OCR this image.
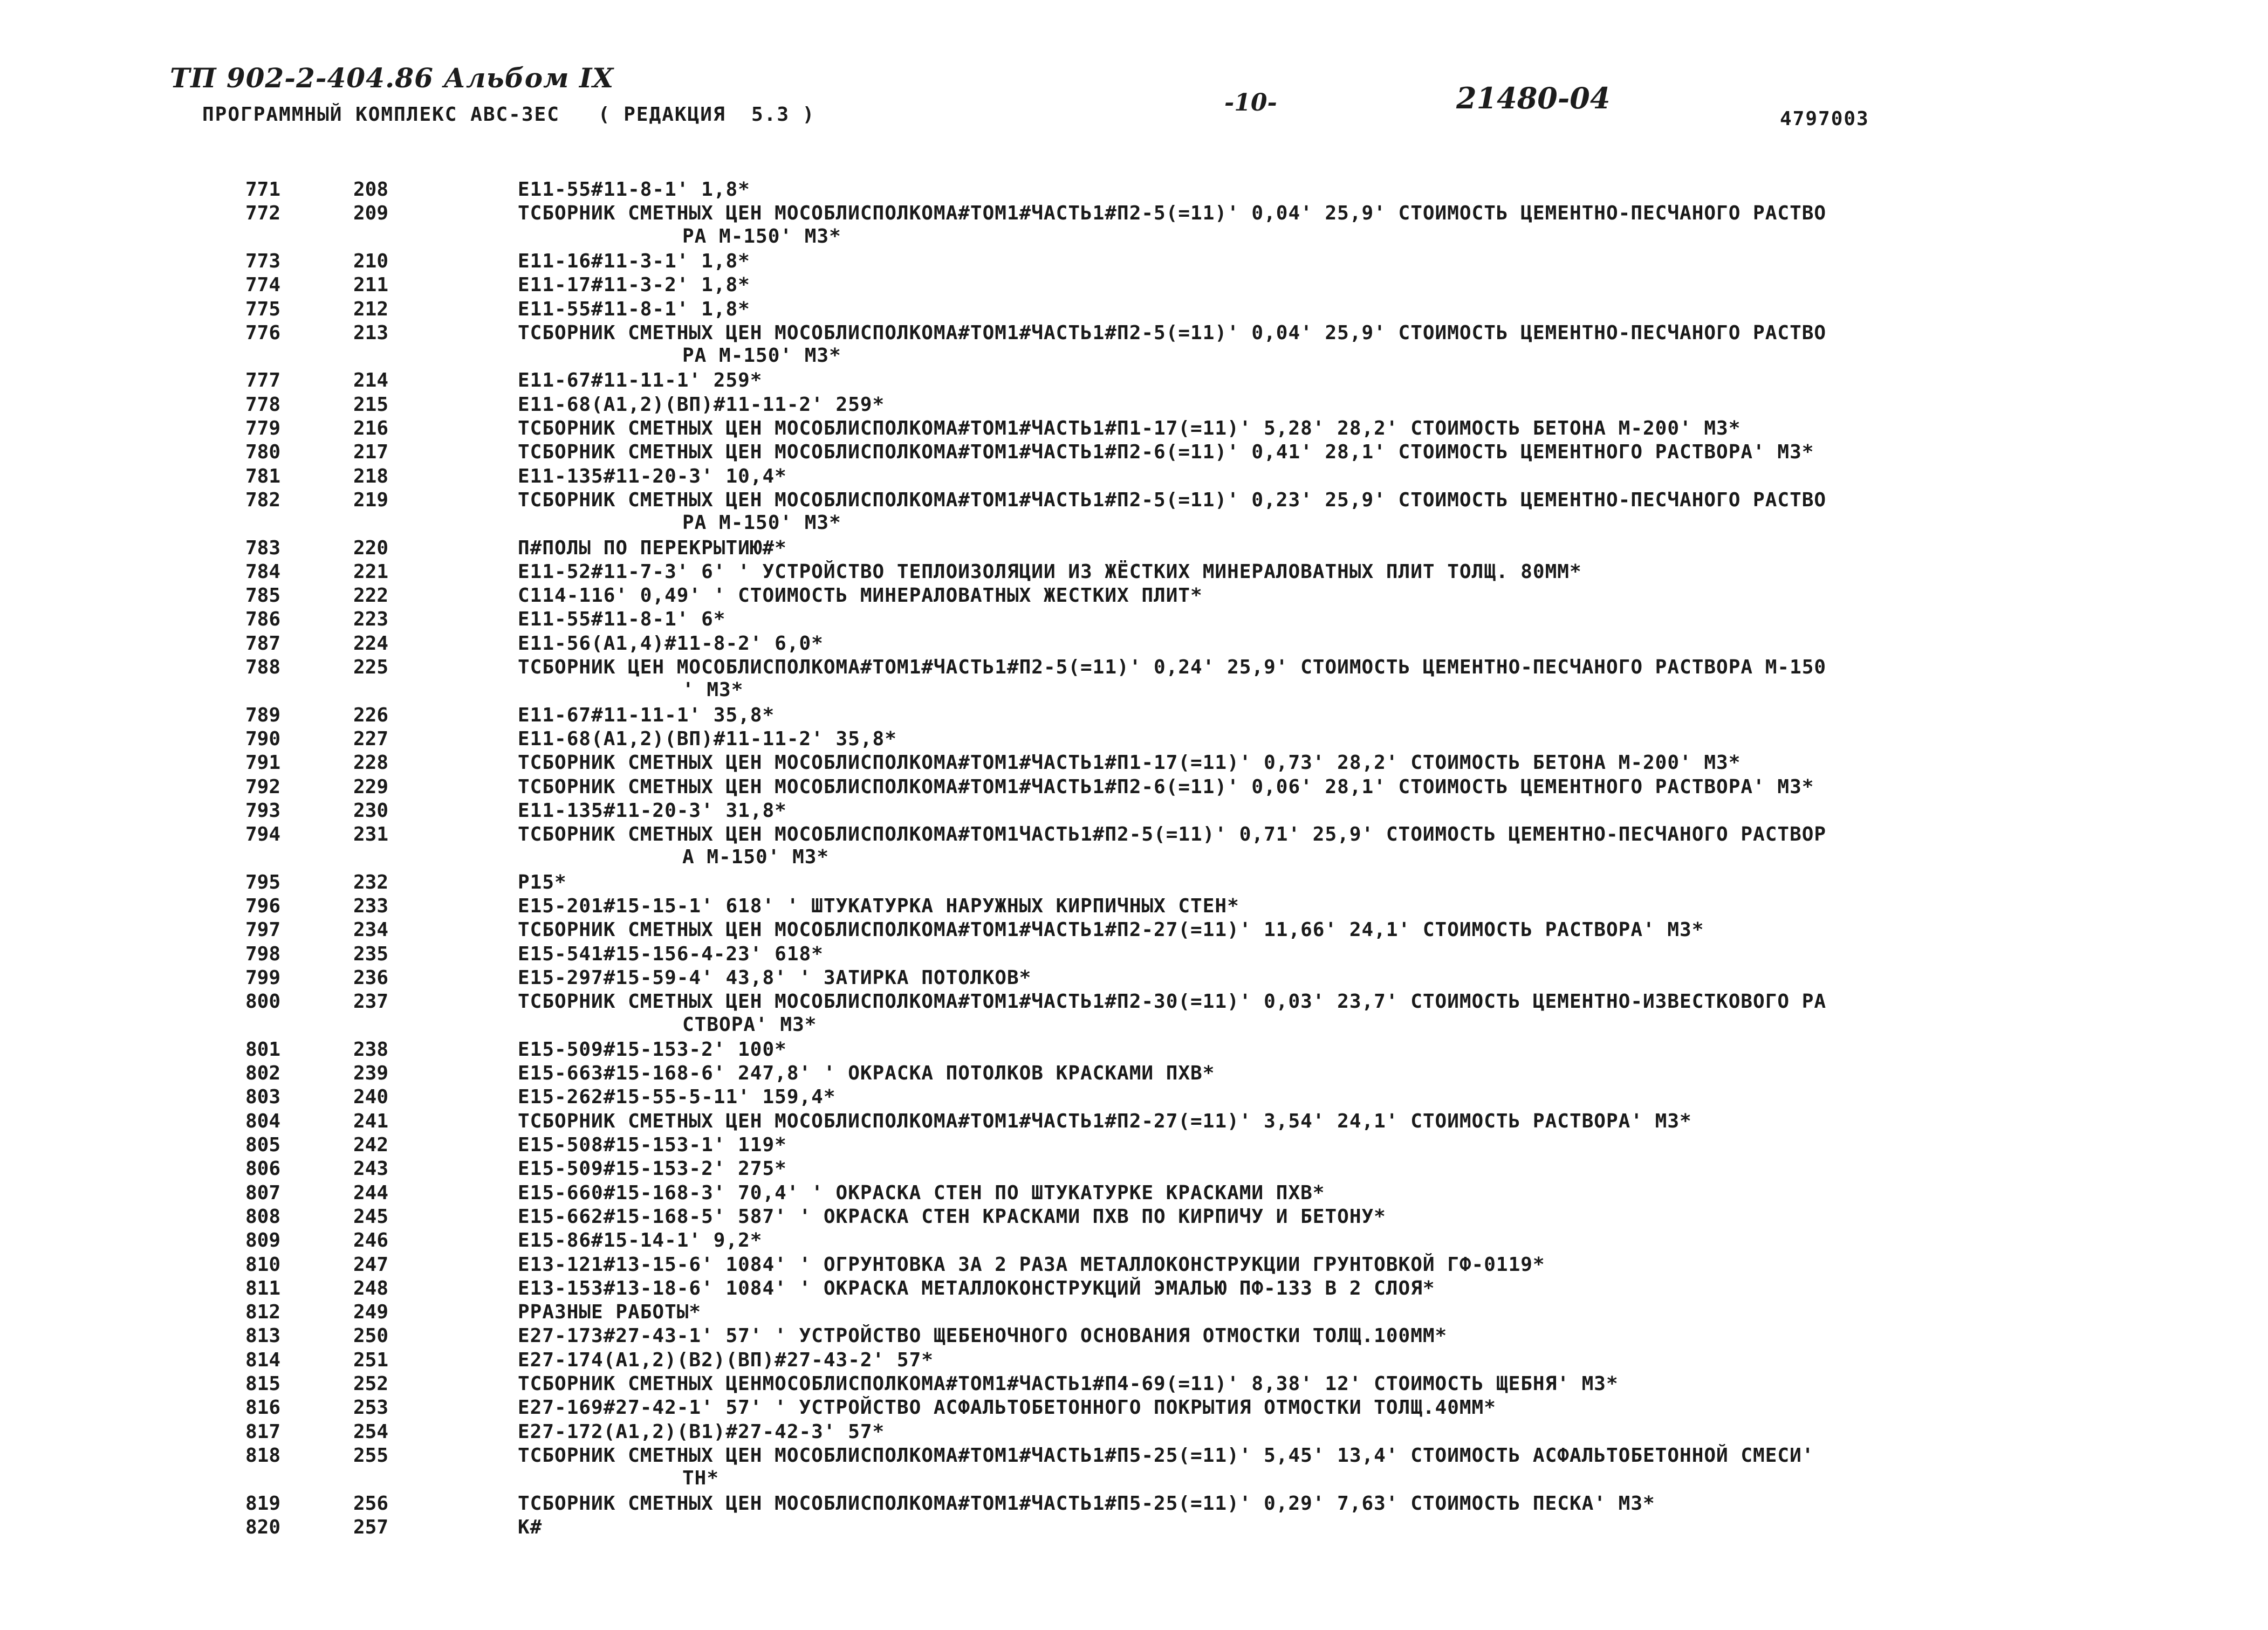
ТП 902-2-404.86 Альбом IX
-10-	21480-04
ПРОГРАММНЫЙ КОМПЛЕКС АВС-3ЕС   ( РЕДАКЦИЯ  5.3 )	4797003
771	208	Е11-55#11-8-1' 1,8*
772	209	ТСБОРНИК СМЕТНЫХ ЦЕН МОСОБЛИСПОЛКОМА#ТОМ1#ЧАСТЬ1#П2-5(=11)' 0,04' 25,9' СТОИМОСТЬ ЦЕМЕНТНО-ПЕСЧАНОГО РАСТВО
РА М-150' М3*
773	210	Е11-16#11-3-1' 1,8*
774	211	Е11-17#11-3-2' 1,8*
775	212	Е11-55#11-8-1' 1,8*
776	213	ТСБОРНИК СМЕТНЫХ ЦЕН МОСОБЛИСПОЛКОМА#ТОМ1#ЧАСТЬ1#П2-5(=11)' 0,04' 25,9' СТОИМОСТЬ ЦЕМЕНТНО-ПЕСЧАНОГО РАСТВО
РА М-150' М3*
777	214	Е11-67#11-11-1' 259*
778	215	Е11-68(А1,2)(ВП)#11-11-2' 259*
779	216	ТСБОРНИК СМЕТНЫХ ЦЕН МОСОБЛИСПОЛКОМА#ТОМ1#ЧАСТЬ1#П1-17(=11)' 5,28' 28,2' СТОИМОСТЬ БЕТОНА М-200' М3*
780	217	ТСБОРНИК СМЕТНЫХ ЦЕН МОСОБЛИСПОЛКОМА#ТОМ1#ЧАСТЬ1#П2-6(=11)' 0,41' 28,1' СТОИМОСТЬ ЦЕМЕНТНОГО РАСТВОРА' М3*
781	218	Е11-135#11-20-3' 10,4*
782	219	ТСБОРНИК СМЕТНЫХ ЦЕН МОСОБЛИСПОЛКОМА#ТОМ1#ЧАСТЬ1#П2-5(=11)' 0,23' 25,9' СТОИМОСТЬ ЦЕМЕНТНО-ПЕСЧАНОГО РАСТВО
РА М-150' М3*
783	220	П#ПОЛЫ ПО ПЕРЕКРЫТИЮ#*
784	221	Е11-52#11-7-3' 6' ' УСТРОЙСТВО ТЕПЛОИЗОЛЯЦИИ ИЗ ЖЁСТКИХ МИНЕРАЛОВАТНЫХ ПЛИТ ТОЛЩ. 80ММ*
785	222	С114-116' 0,49' ' СТОИМОСТЬ МИНЕРАЛОВАТНЫХ ЖЕСТКИХ ПЛИТ*
786	223	Е11-55#11-8-1' 6*
787	224	Е11-56(А1,4)#11-8-2' 6,0*
788	225	ТСБОРНИК ЦЕН МОСОБЛИСПОЛКОМА#ТОМ1#ЧАСТЬ1#П2-5(=11)' 0,24' 25,9' СТОИМОСТЬ ЦЕМЕНТНО-ПЕСЧАНОГО РАСТВОРА М-150
' М3*
789	226	Е11-67#11-11-1' 35,8*
790	227	Е11-68(А1,2)(ВП)#11-11-2' 35,8*
791	228	ТСБОРНИК СМЕТНЫХ ЦЕН МОСОБЛИСПОЛКОМА#ТОМ1#ЧАСТЬ1#П1-17(=11)' 0,73' 28,2' СТОИМОСТЬ БЕТОНА М-200' М3*
792	229	ТСБОРНИК СМЕТНЫХ ЦЕН МОСОБЛИСПОЛКОМА#ТОМ1#ЧАСТЬ1#П2-6(=11)' 0,06' 28,1' СТОИМОСТЬ ЦЕМЕНТНОГО РАСТВОРА' М3*
793	230	Е11-135#11-20-3' 31,8*
794	231	ТСБОРНИК СМЕТНЫХ ЦЕН МОСОБЛИСПОЛКОМА#ТОМ1ЧАСТЬ1#П2-5(=11)' 0,71' 25,9' СТОИМОСТЬ ЦЕМЕНТНО-ПЕСЧАНОГО РАСТВОР
А М-150' М3*
795	232	Р15*
796	233	Е15-201#15-15-1' 618' ' ШТУКАТУРКА НАРУЖНЫХ КИРПИЧНЫХ СТЕН*
797	234	ТСБОРНИК СМЕТНЫХ ЦЕН МОСОБЛИСПОЛКОМА#ТОМ1#ЧАСТЬ1#П2-27(=11)' 11,66' 24,1' СТОИМОСТЬ РАСТВОРА' М3*
798	235	Е15-541#15-156-4-23' 618*
799	236	Е15-297#15-59-4' 43,8' ' ЗАТИРКА ПОТОЛКОВ*
800	237	ТСБОРНИК СМЕТНЫХ ЦЕН МОСОБЛИСПОЛКОМА#ТОМ1#ЧАСТЬ1#П2-30(=11)' 0,03' 23,7' СТОИМОСТЬ ЦЕМЕНТНО-ИЗВЕСТКОВОГО РА
СТВОРА' М3*
801	238	Е15-509#15-153-2' 100*
802	239	Е15-663#15-168-6' 247,8' ' ОКРАСКА ПОТОЛКОВ КРАСКАМИ ПХВ*
803	240	Е15-262#15-55-5-11' 159,4*
804	241	ТСБОРНИК СМЕТНЫХ ЦЕН МОСОБЛИСПОЛКОМА#ТОМ1#ЧАСТЬ1#П2-27(=11)' 3,54' 24,1' СТОИМОСТЬ РАСТВОРА' М3*
805	242	Е15-508#15-153-1' 119*
806	243	Е15-509#15-153-2' 275*
807	244	Е15-660#15-168-3' 70,4' ' ОКРАСКА СТЕН ПО ШТУКАТУРКЕ КРАСКАМИ ПХВ*
808	245	Е15-662#15-168-5' 587' ' ОКРАСКА СТЕН КРАСКАМИ ПХВ ПО КИРПИЧУ И БЕТОНУ*
809	246	Е15-86#15-14-1' 9,2*
810	247	Е13-121#13-15-6' 1084' ' ОГРУНТОВКА ЗА 2 РАЗА МЕТАЛЛОКОНСТРУКЦИИ ГРУНТОВКОЙ ГФ-0119*
811	248	Е13-153#13-18-6' 1084' ' ОКРАСКА МЕТАЛЛОКОНСТРУКЦИЙ ЭМАЛЬЮ ПФ-133 В 2 СЛОЯ*
812	249	РРАЗНЫЕ РАБОТЫ*
813	250	Е27-173#27-43-1' 57' ' УСТРОЙСТВО ЩЕБЕНОЧНОГО ОСНОВАНИЯ ОТМОСТКИ ТОЛЩ.100ММ*
814	251	Е27-174(А1,2)(В2)(ВП)#27-43-2' 57*
815	252	ТСБОРНИК СМЕТНЫХ ЦЕНМОСОБЛИСПОЛКОМА#ТОМ1#ЧАСТЬ1#П4-69(=11)' 8,38' 12' СТОИМОСТЬ ЩЕБНЯ' М3*
816	253	Е27-169#27-42-1' 57' ' УСТРОЙСТВО АСФАЛЬТОБЕТОННОГО ПОКРЫТИЯ ОТМОСТКИ ТОЛЩ.40ММ*
817	254	Е27-172(А1,2)(В1)#27-42-3' 57*
818	255	ТСБОРНИК СМЕТНЫХ ЦЕН МОСОБЛИСПОЛКОМА#ТОМ1#ЧАСТЬ1#П5-25(=11)' 5,45' 13,4' СТОИМОСТЬ АСФАЛЬТОБЕТОННОЙ СМЕСИ'
ТН*
819	256	ТСБОРНИК СМЕТНЫХ ЦЕН МОСОБЛИСПОЛКОМА#ТОМ1#ЧАСТЬ1#П5-25(=11)' 0,29' 7,63' СТОИМОСТЬ ПЕСКА' М3*
820	257	К#
